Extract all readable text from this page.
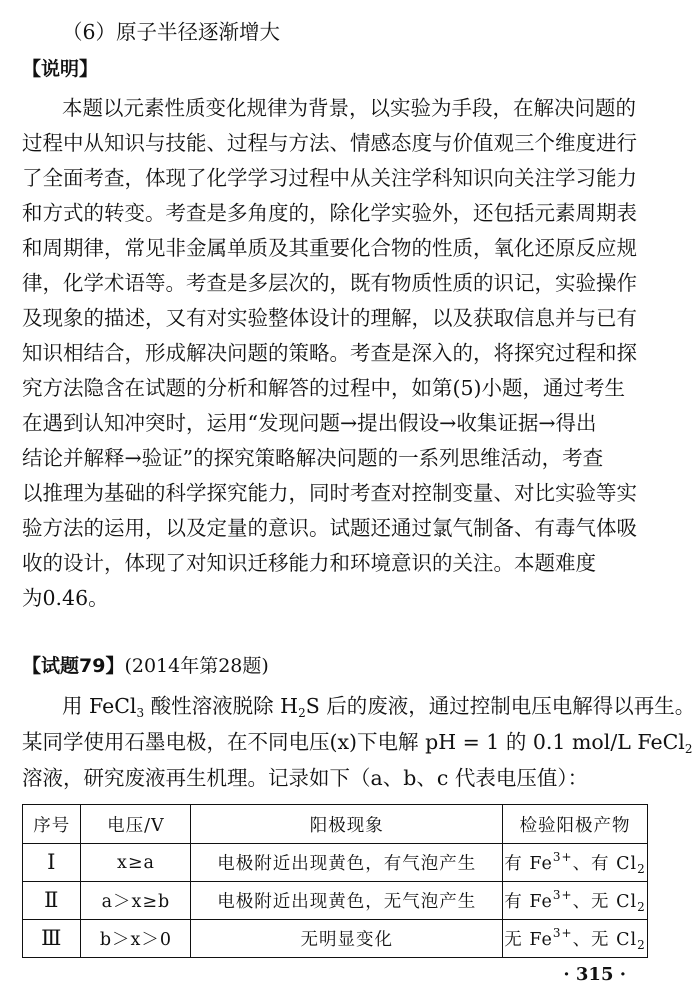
（6）原子半径逐渐增大
【说明】
本题以元素性质变化规律为背景，以实验为手段，在解决问题的
过程中从知识与技能、过程与方法、情感态度与价值观三个维度进行
了全面考查，体现了化学学习过程中从关注学科知识向关注学习能力
和方式的转变。考查是多角度的，除化学实验外，还包括元素周期表
和周期律，常见非金属单质及其重要化合物的性质，氧化还原反应规
律，化学术语等。考查是多层次的，既有物质性质的识记，实验操作
及现象的描述，又有对实验整体设计的理解，以及获取信息并与已有
知识相结合，形成解决问题的策略。考查是深入的，将探究过程和探
究方法隐含在试题的分析和解答的过程中，如第(5)小题，通过考生
在遇到认知冲突时，运用“发现问题→提出假设→收集证据→得出
结论并解释→验证”的探究策略解决问题的一系列思维活动，考查
以推理为基础的科学探究能力，同时考查对控制变量、对比实验等实
验方法的运用，以及定量的意识。试题还通过氯气制备、有毒气体吸
收的设计，体现了对知识迁移能力和环境意识的关注。本题难度
为0.46。
【试题79】(2014年第28题)
用 FeCl$_3$ 酸性溶液脱除 $H_2S$ 后的废液，通过控制电压电解得以再生。
某同学使用石墨电极，在不同电压(x)下电解 pH = 1 的 0.1 mol/L FeCl$_2$
溶液，研究废液再生机理。记录如下（a、b、c 代表电压值）：
序号	电压/V	阳极现象	检验阳极产物
Ⅰ	x≥a	电极附近出现黄色，有气泡产生	有 $Fe^{3+}$、有 $Cl_2$
Ⅱ	a＞x≥b	电极附近出现黄色，无气泡产生	有 $Fe^{3+}$、无 $Cl_2$
Ⅲ	b＞x＞0	无明显变化	无 $Fe^{3+}$、无 $Cl_2$
· 315 ·
